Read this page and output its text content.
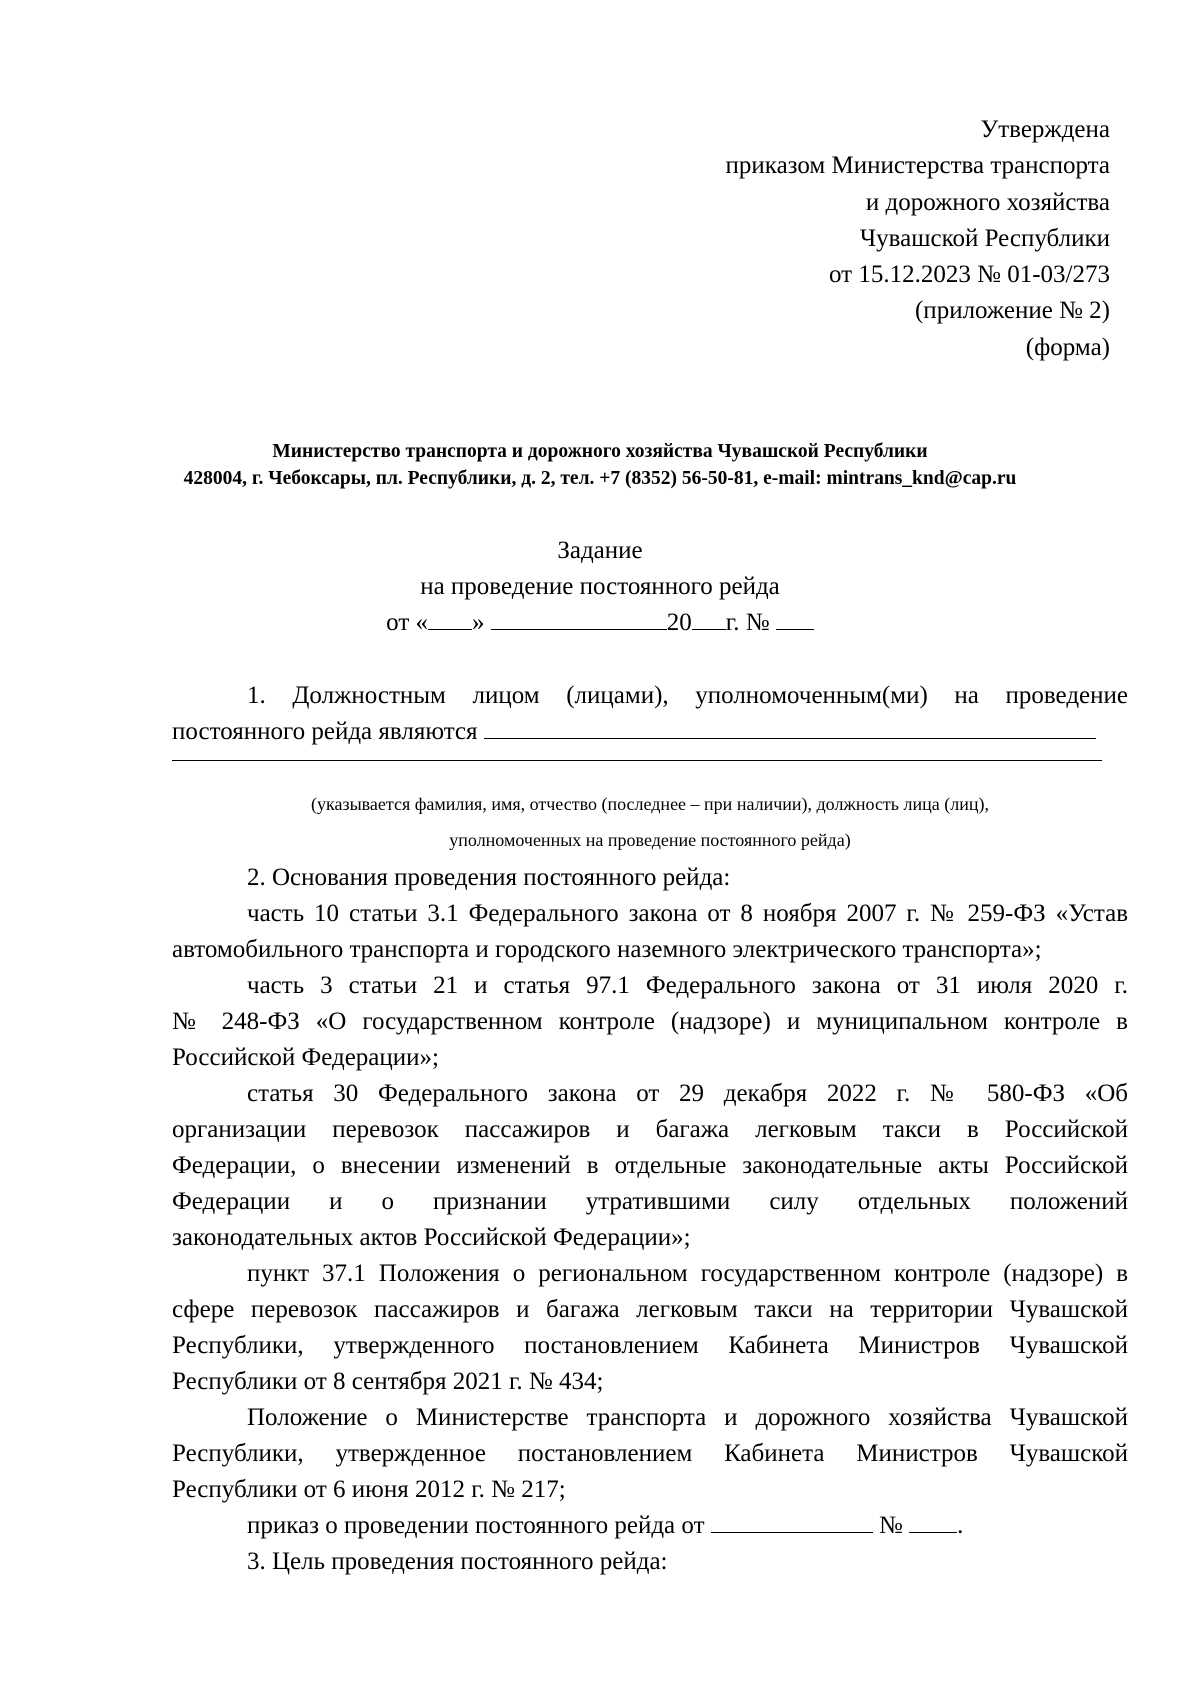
Утверждена
приказом Министерства транспорта
и дорожного хозяйства
Чувашской Республики
от 15.12.2023 № 01-03/273
(приложение № 2)
(форма)
Министерство транспорта и дорожного хозяйства Чувашской Республики
428004, г. Чебоксары, пл. Республики, д. 2, тел. +7 (8352) 56-50-81, e-mail: mintrans_knd@cap.ru
Задание
на проведение постоянного рейда
от « »	20 г. №
1. Должностным лицом (лицами), уполномоченным(ми) на проведение
постоянного рейда являются
(указывается фамилия, имя, отчество (последнее – при наличии), должность лица (лиц),
уполномоченных на проведение постоянного рейда)
2. Основания проведения постоянного рейда:
часть 10 статьи 3.1 Федерального закона от 8 ноября 2007 г. № 259-ФЗ «Устав
автомобильного транспорта и городского наземного электрического транспорта»;
часть 3 статьи 21 и статья 97.1 Федерального закона от 31 июля 2020 г.
№ 248-ФЗ «О государственном контроле (надзоре) и муниципальном контроле в
Российской Федерации»;
статья 30 Федерального закона от 29 декабря 2022 г. № 580-ФЗ «Об
организации перевозок пассажиров и багажа легковым такси в Российской
Федерации, о внесении изменений в отдельные законодательные акты Российской
Федерации и о признании утратившими силу отдельных положений
законодательных актов Российской Федерации»;
пункт 37.1 Положения о региональном государственном контроле (надзоре) в
сфере перевозок пассажиров и багажа легковым такси на территории Чувашской
Республики, утвержденного постановлением Кабинета Министров Чувашской
Республики от 8 сентября 2021 г. № 434;
Положение о Министерстве транспорта и дорожного хозяйства Чувашской
Республики, утвержденное постановлением Кабинета Министров Чувашской
Республики от 6 июня 2012 г. № 217;
приказ о проведении постоянного рейда от	№ .
3. Цель проведения постоянного рейда:
